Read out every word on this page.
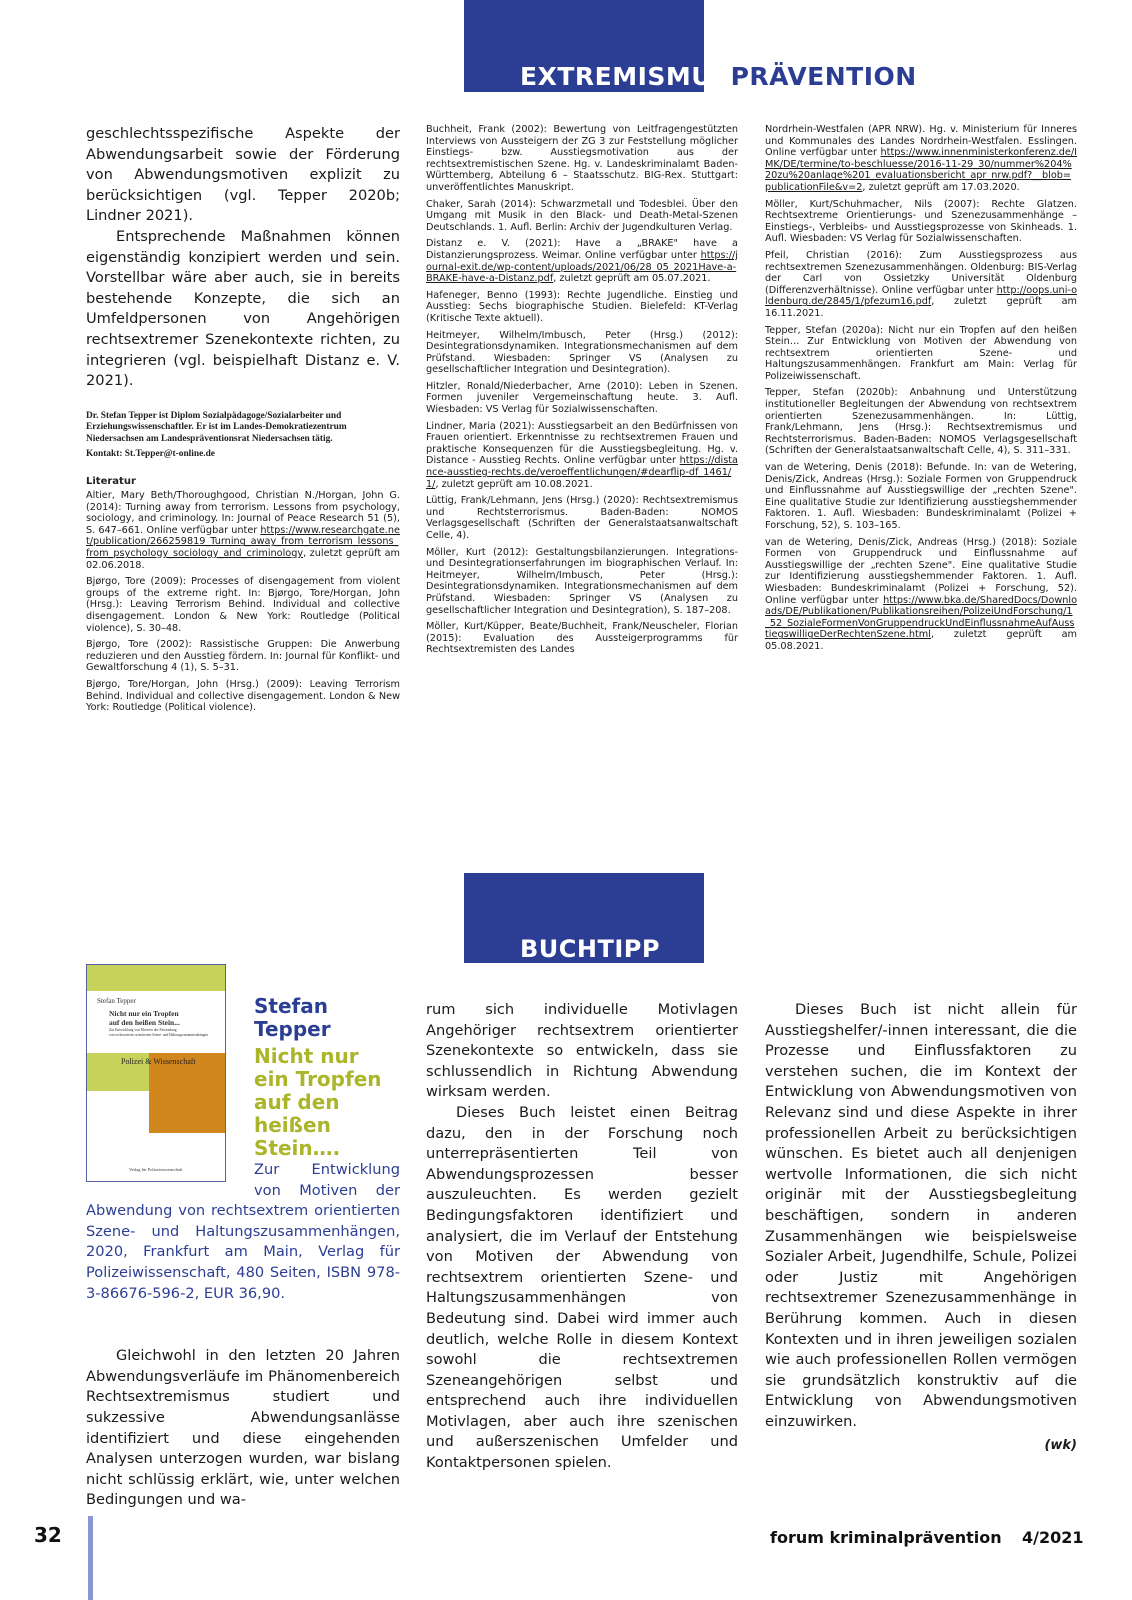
EXTREMISMUSPRÄVENTION

geschlechtsspezifische Aspekte der Abwendungsarbeit sowie der Förderung von Abwendungsmotiven explizit zu berücksichtigen (vgl. Tepper 2020b; Lindner 2021).

Entsprechende Maßnahmen können eigenständig konzipiert werden und sein. Vorstellbar wäre aber auch, sie in bereits bestehende Konzepte, die sich an Umfeldpersonen von Angehörigen rechtsextremer Szenekontexte richten, zu integrieren (vgl. beispielhaft Distanz e. V. 2021).

Dr. Stefan Tepper ist Diplom Sozialpädagoge/Sozialarbeiter und Erziehungswissenschaftler. Er ist im Landes-Demokratiezentrum Niedersachsen am Landespräventionsrat Niedersachsen tätig.
Kontakt: St.Tepper@t-online.de
Literatur

Altier, Mary Beth/Thoroughgood, Christian N./Horgan, John G. (2014): Turning away from terrorism. Lessons from psychology, sociology, and criminology. In: Journal of Peace Research 51 (5), S. 647–661. Online verfügbar unter https://www.researchgate.net/publication/266259819_Turning_away_from_terrorism_lessons_from_psychology_sociology_and_criminology, zuletzt geprüft am 02.06.2018.

Bjørgo, Tore (2009): Processes of disengagement from violent groups of the extreme right. In: Bjørgo, Tore/Horgan, John (Hrsg.): Leaving Terrorism Behind. Individual and collective disengagement. London & New York: Routledge (Political violence), S. 30–48.

Bjørgo, Tore (2002): Rassistische Gruppen: Die Anwerbung reduzieren und den Ausstieg fördern. In: Journal für Konflikt- und Gewaltforschung 4 (1), S. 5–31.

Bjørgo, Tore/Horgan, John (Hrsg.) (2009): Leaving Terrorism Behind. Individual and collective disengagement. London & New York: Routledge (Political violence).

Buchheit, Frank (2002): Bewertung von Leitfragengestützten Interviews von Aussteigern der ZG 3 zur Feststellung möglicher Einstiegs- bzw. Ausstiegsmotivation aus der rechtsextremistischen Szene. Hg. v. Landeskriminalamt Baden-Württemberg, Abteilung 6 – Staatsschutz. BIG-Rex. Stuttgart: unveröffentlichtes Manuskript.

Chaker, Sarah (2014): Schwarzmetall und Todesblei. Über den Umgang mit Musik in den Black- und Death-Metal-Szenen Deutschlands. 1. Aufl. Berlin: Archiv der Jugendkulturen Verlag.

Distanz e. V. (2021): Have a „BRAKE" have a Distanzierungsprozess. Weimar. Online verfügbar unter https://journal-exit.de/wp-content/uploads/2021/06/28_05_2021Have-a-BRAKE-have-a-Distanz.pdf, zuletzt geprüft am 05.07.2021.

Hafeneger, Benno (1993): Rechte Jugendliche. Einstieg und Ausstieg: Sechs biographische Studien. Bielefeld: KT-Verlag (Kritische Texte aktuell).

Heitmeyer, Wilhelm/Imbusch, Peter (Hrsg.) (2012): Desintegrationsdynamiken. Integrationsmechanismen auf dem Prüfstand. Wiesbaden: Springer VS (Analysen zu gesellschaftlicher Integration und Desintegration).

Hitzler, Ronald/Niederbacher, Arne (2010): Leben in Szenen. Formen juveniler Vergemeinschaftung heute. 3. Aufl. Wiesbaden: VS Verlag für Sozialwissenschaften.

Lindner, Maria (2021): Ausstiegsarbeit an den Bedürfnissen von Frauen orientiert. Erkenntnisse zu rechtsextremen Frauen und praktische Konsequenzen für die Ausstiegsbegleitung. Hg. v. Distance - Ausstieg Rechts. Online verfügbar unter https://distance-ausstieg-rechts.de/veroeffentlichungen/#dearflip-df_1461/1/, zuletzt geprüft am 10.08.2021.

Lüttig, Frank/Lehmann, Jens (Hrsg.) (2020): Rechtsextremismus und Rechtsterrorismus. Baden-Baden: NOMOS Verlagsgesellschaft (Schriften der Generalstaatsanwaltschaft Celle, 4).

Möller, Kurt (2012): Gestaltungsbilanzierungen. Integrations- und Desintegrationserfahrungen im biographischen Verlauf. In: Heitmeyer, Wilhelm/Imbusch, Peter (Hrsg.): Desintegrationsdynamiken. Integrationsmechanismen auf dem Prüfstand. Wiesbaden: Springer VS (Analysen zu gesellschaftlicher Integration und Desintegration), S. 187–208.

Möller, Kurt/Küpper, Beate/Buchheit, Frank/Neuscheler, Florian (2015): Evaluation des Aussteigerprogramms für Rechtsextremisten des Landes

Nordrhein-Westfalen (APR NRW). Hg. v. Ministerium für Inneres und Kommunales des Landes Nordrhein-Westfalen. Esslingen. Online verfügbar unter https://www.innenministerkonferenz.de/IMK/DE/termine/to-beschluesse/2016-11-29_30/nummer%204%20zu%20anlage%201_evaluationsbericht_apr_nrw.pdf?__blob=publicationFile&v=2, zuletzt geprüft am 17.03.2020.

Möller, Kurt/Schuhmacher, Nils (2007): Rechte Glatzen. Rechtsextreme Orientierungs- und Szenezusammenhänge – Einstiegs-, Verbleibs- und Ausstiegsprozesse von Skinheads. 1. Aufl. Wiesbaden: VS Verlag für Sozialwissenschaften.

Pfeil, Christian (2016): Zum Ausstiegsprozess aus rechtsextremen Szenezusammenhängen. Oldenburg: BIS-Verlag der Carl von Ossietzky Universität Oldenburg (Differenzverhältnisse). Online verfügbar unter http://oops.uni-oldenburg.de/2845/1/pfezum16.pdf, zuletzt geprüft am 16.11.2021.

Tepper, Stefan (2020a): Nicht nur ein Tropfen auf den heißen Stein… Zur Entwicklung von Motiven der Abwendung von rechtsextrem orientierten Szene- und Haltungszusammenhängen. Frankfurt am Main: Verlag für Polizeiwissenschaft.

Tepper, Stefan (2020b): Anbahnung und Unterstützung institutioneller Begleitungen der Abwendung von rechtsextrem orientierten Szenezusammenhängen. In: Lüttig, Frank/Lehmann, Jens (Hrsg.): Rechtsextremismus und Rechtsterrorismus. Baden-Baden: NOMOS Verlagsgesellschaft (Schriften der Generalstaatsanwaltschaft Celle, 4), S. 311–331.

van de Wetering, Denis (2018): Befunde. In: van de Wetering, Denis/Zick, Andreas (Hrsg.): Soziale Formen von Gruppendruck und Einflussnahme auf Ausstiegswillige der „rechten Szene". Eine qualitative Studie zur Identifizierung ausstiegshemmender Faktoren. 1. Aufl. Wiesbaden: Bundeskriminalamt (Polizei + Forschung, 52), S. 103–165.

van de Wetering, Denis/Zick, Andreas (Hrsg.) (2018): Soziale Formen von Gruppendruck und Einflussnahme auf Ausstiegswillige der „rechten Szene". Eine qualitative Studie zur Identifizierung ausstiegshemmender Faktoren. 1. Aufl. Wiesbaden: Bundeskriminalamt (Polizei + Forschung, 52). Online verfügbar unter https://www.bka.de/SharedDocs/Downloads/DE/Publikationen/Publikationsreihen/PolizeiUndForschung/1_52_SozialeFormenVonGruppendruckUndEinflussnahmeAufAusstiegswilligeDerRechtenSzene.html, zuletzt geprüft am 05.08.2021.

BUCHTIPP
Stefan Tepper
Nicht nur ein Tropfen
auf den heißen Stein...
Zur Entwicklung von Motiven der Abwendung
von rechtsextrem orientierten Szene- und Haltungszusammenhängen
Polizei & Wissenschaft
Verlag für Polizeiwissenschaft
Stefan Tepper
Nicht nur ein Tropfen auf den heißen Stein….
Zur Entwicklung von Motiven der Abwendung von rechtsextrem orientierten Szene- und Haltungszusammenhängen, 2020, Frankfurt am Main, Verlag für Polizeiwissenschaft, 480 Seiten, ISBN 978-3-86676-596-2, EUR 36,90.

Gleichwohl in den letzten 20 Jahren Abwendungsverläufe im Phänomenbereich Rechtsextremismus studiert und sukzessive Abwendungsanlässe identifiziert und diese eingehenden Analysen unterzogen wurden, war bislang nicht schlüssig erklärt, wie, unter welchen Bedingungen und wa-

rum sich individuelle Motivlagen Angehöriger rechtsextrem orientierter Szenekontexte so entwickeln, dass sie schlussendlich in Richtung Abwendung wirksam werden.

Dieses Buch leistet einen Beitrag dazu, den in der Forschung noch unterrepräsentierten Teil von Abwendungsprozessen besser auszuleuchten. Es werden gezielt Bedingungsfaktoren identifiziert und analysiert, die im Verlauf der Entstehung von Motiven der Abwendung von rechtsextrem orientierten Szene- und Haltungszusammenhängen von Bedeutung sind. Dabei wird immer auch deutlich, welche Rolle in diesem Kontext sowohl die rechtsextremen Szeneangehörigen selbst und entsprechend auch ihre individuellen Motivlagen, aber auch ihre szenischen und außerszenischen Umfelder und Kontaktpersonen spielen.

Dieses Buch ist nicht allein für Ausstiegshelfer/-innen interessant, die die Prozesse und Einflussfaktoren zu verstehen suchen, die im Kontext der Entwicklung von Abwendungsmotiven von Relevanz sind und diese Aspekte in ihrer professionellen Arbeit zu berücksichtigen wünschen. Es bietet auch all denjenigen wertvolle Informationen, die sich nicht originär mit der Ausstiegsbegleitung beschäftigen, sondern in anderen Zusammenhängen wie beispielsweise Sozialer Arbeit, Jugendhilfe, Schule, Polizei oder Justiz mit Angehörigen rechtsextremer Szenezusammenhänge in Berührung kommen. Auch in diesen Kontexten und in ihren jeweiligen sozialen wie auch professionellen Rollen vermögen sie grundsätzlich konstruktiv auf die Entwicklung von Abwendungsmotiven einzuwirken.

(wk)
32	forum kriminalprävention 4/2021
